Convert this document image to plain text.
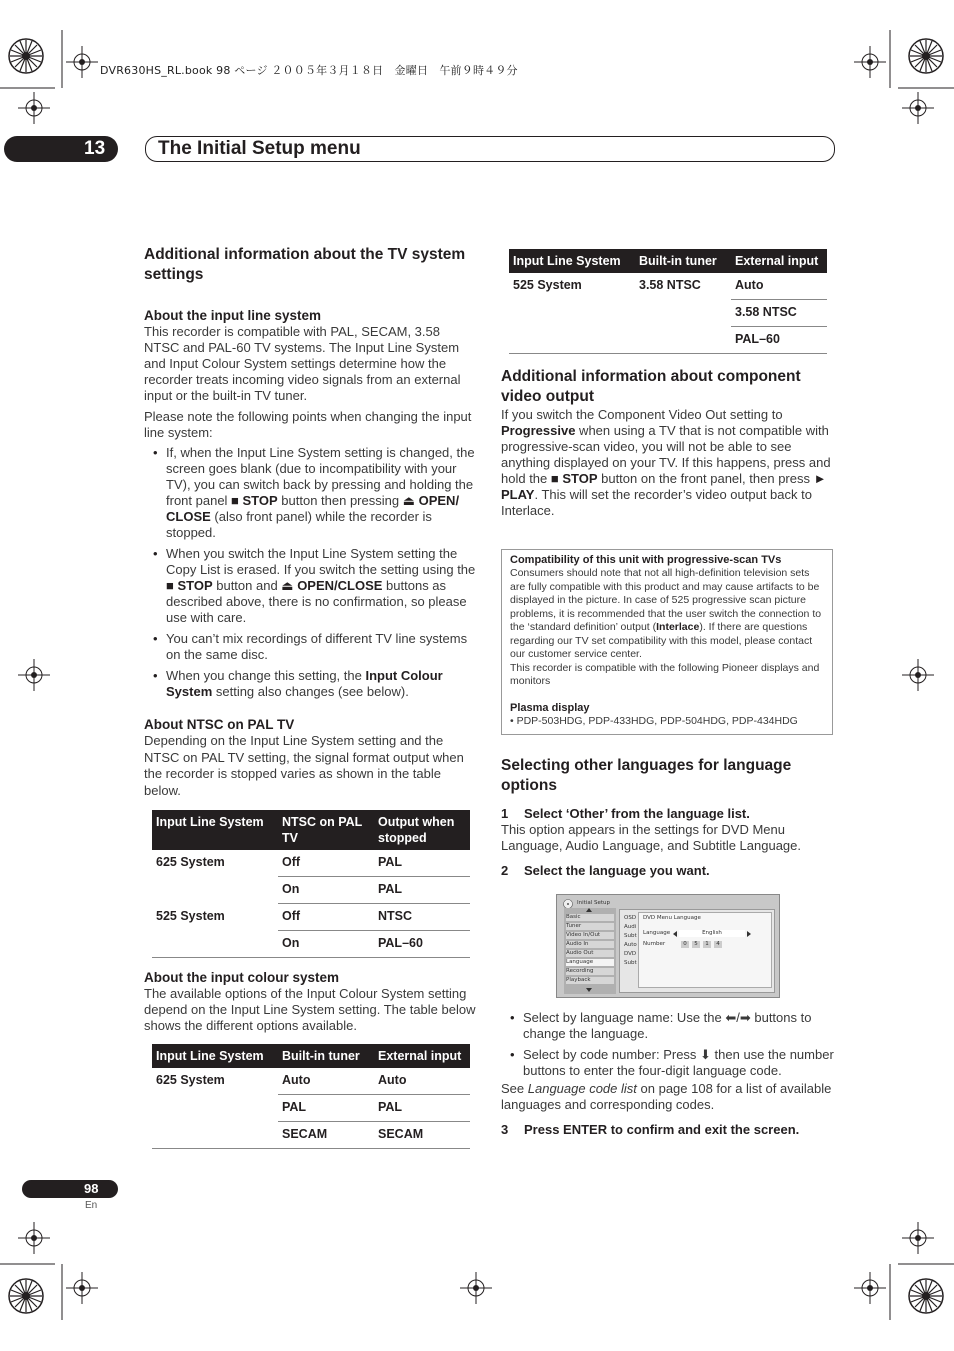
DVR630HS_RL.book 98 ページ ２００５年３月１８日　金曜日　午前９時４９分
13	The Initial Setup menu
Additional information about the TV system settings
About the input line system

This recorder is compatible with PAL, SECAM, 3.58 NTSC and PAL-60 TV systems. The Input Line System and Input Colour System settings determine how the recorder treats incoming video signals from an external input or the built-in TV tuner.

Please note the following points when changing the input line system:

• If, when the Input Line System setting is changed, the screen goes blank (due to incompatibility with your TV), you can switch back by pressing and holding the front panel ■ STOP button then pressing ⏏ OPEN/ CLOSE (also front panel) while the recorder is stopped.
• When you switch the Input Line System setting the Copy List is erased. If you switch the setting using the ■ STOP button and ⏏ OPEN/CLOSE buttons as described above, there is no confirmation, so please use with care.
• You can’t mix recordings of different TV line systems on the same disc.
• When you change this setting, the Input Colour System setting also changes (see below).
About NTSC on PAL TV

Depending on the Input Line System setting and the NTSC on PAL TV setting, the signal format output when the recorder is stopped varies as shown in the table below.

Input Line System	NTSC on PAL TV	Output when stopped
625 System	Off	PAL
	On	PAL
525 System	Off	NTSC
	On	PAL–60
About the input colour system

The available options of the Input Colour System setting depend on the Input Line System setting. The table below shows the different options available.

Input Line System	Built-in tuner	External input
625 System	Auto	Auto
	PAL	PAL
	SECAM	SECAM
Input Line System	Built-in tuner	External input
525 System	3.58 NTSC	Auto
		3.58 NTSC
		PAL–60
Additional information about component video output

If you switch the Component Video Out setting to Progressive when using a TV that is not compatible with progressive-scan video, you will not be able to see anything displayed on your TV. If this happens, press and hold the ■ STOP button on the front panel, then press ► PLAY. This will set the recorder’s video output back to Interlace.

Compatibility of this unit with progressive-scan TVs
Consumers should note that not all high-definition television sets are fully compatible with this product and may cause artifacts to be displayed in the picture. In case of 525 progressive scan picture problems, it is recommended that the user switch the connection to the ‘standard definition’ output (Interlace). If there are questions regarding our TV set compatibility with this model, please contact our customer service center.
This recorder is compatible with the following Pioneer displays and monitors
Plasma display
• PDP-503HDG, PDP-433HDG, PDP-504HDG, PDP-434HDG
Selecting other languages for language options
1 Select ‘Other’ from the language list.

This option appears in the settings for DVD Menu Language, Audio Language, and Subtitle Language.

2 Select the language you want.
Initial Setup
Basic
Tuner
Video In/Out
Audio In
Audio Out
Language
Recording
Playback
OSD
Audi
Subt
Auto
DVD
Subt
DVD Menu Language
Language	English
Number	0	5	1	4
• Select by language name: Use the ⬅/➡ buttons to change the language.
• Select by code number: Press ⬇ then use the number buttons to enter the four-digit language code.

See Language code list on page 108 for a list of available languages and corresponding codes.

3 Press ENTER to confirm and exit the screen.
98
En
